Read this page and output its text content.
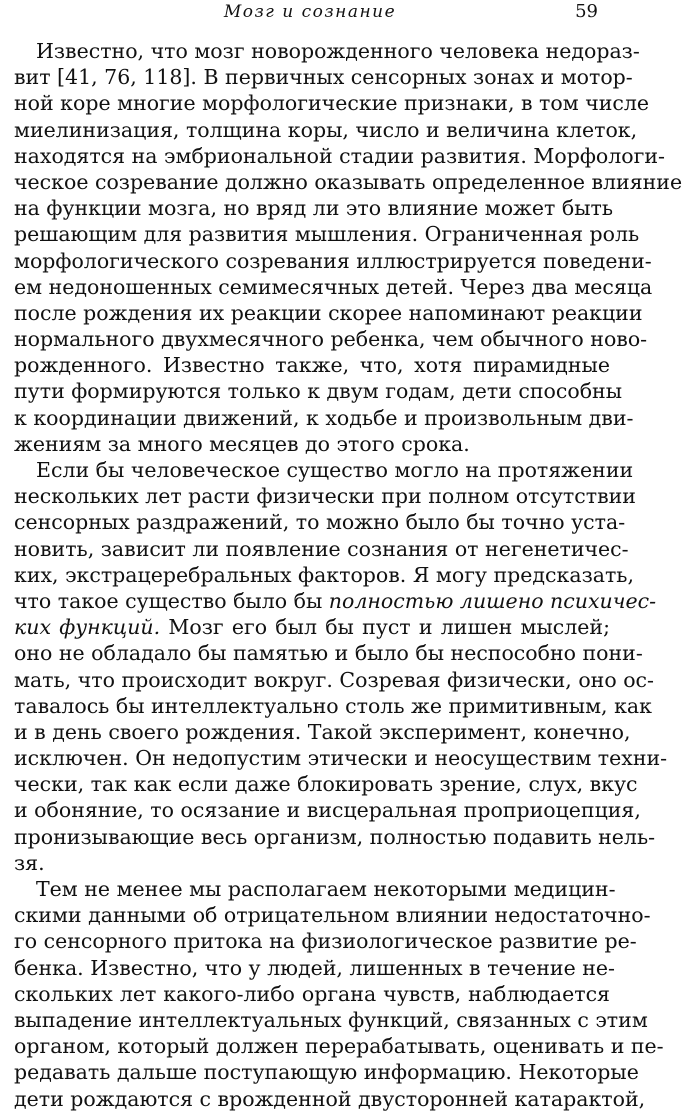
Мозг и сознание	59
Известно, что мозг новорожденного человека недораз-
вит [41, 76, 118]. В первичных сенсорных зонах и мотор-
ной коре многие морфологические признаки, в том числе
миелинизация, толщина коры, число и величина клеток,
находятся на эмбриональной стадии развития. Морфологи-
ческое созревание должно оказывать определенное влияние
на функции мозга, но вряд ли это влияние может быть
решающим для развития мышления. Ограниченная роль
морфологического созревания иллюстрируется поведени-
ем недоношенных семимесячных детей. Через два месяца
после рождения их реакции скорее напоминают реакции
нормального двухмесячного ребенка, чем обычного ново-
рожденного. Известно также, что, хотя пирамидные
пути формируются только к двум годам, дети способны
к координации движений, к ходьбе и произвольным дви-
жениям за много месяцев до этого срока.
Если бы человеческое существо могло на протяжении
нескольких лет расти физически при полном отсутствии
сенсорных раздражений, то можно было бы точно уста-
новить, зависит ли появление сознания от негенетичес-
ких, экстрацеребральных факторов. Я могу предсказать,
что такое существо было бы полностью лишено психичес-
ких функций. Мозг его был бы пуст и лишен мыслей;
оно не обладало бы памятью и было бы неспособно пони-
мать, что происходит вокруг. Созревая физически, оно ос-
тавалось бы интеллектуально столь же примитивным, как
и в день своего рождения. Такой эксперимент, конечно,
исключен. Он недопустим этически и неосуществим техни-
чески, так как если даже блокировать зрение, слух, вкус
и обоняние, то осязание и висцеральная проприоцепция,
пронизывающие весь организм, полностью подавить нель-
зя.
Тем не менее мы располагаем некоторыми медицин-
скими данными об отрицательном влиянии недостаточно-
го сенсорного притока на физиологическое развитие ре-
бенка. Известно, что у людей, лишенных в течение не-
скольких лет какого-либо органа чувств, наблюдается
выпадение интеллектуальных функций, связанных с этим
органом, который должен перерабатывать, оценивать и пе-
редавать дальше поступающую информацию. Некоторые
дети рождаются с врожденной двусторонней катарактой,
